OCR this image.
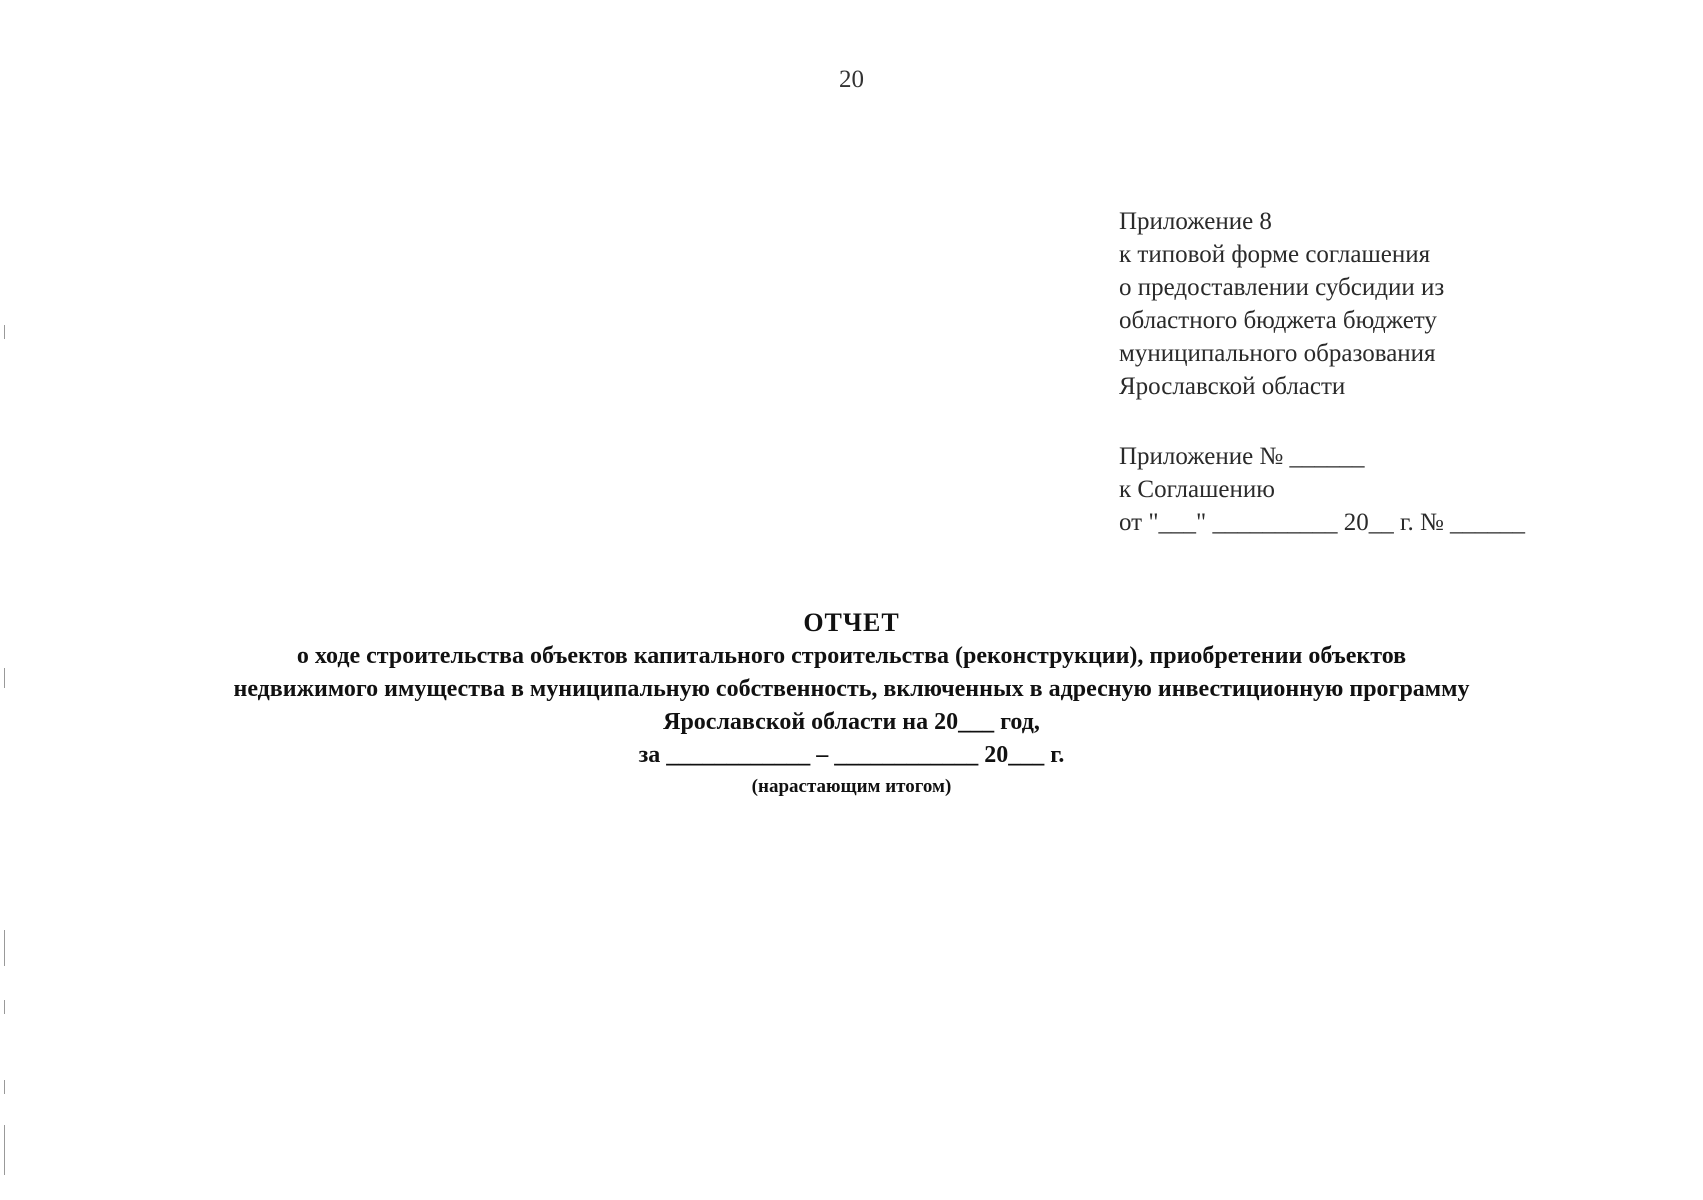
20
Приложение 8
к типовой форме соглашения
о предоставлении субсидии из
областного бюджета бюджету
муниципального образования
Ярославской области
Приложение № ______
к Соглашению
от "___" __________ 20__ г. № ______
ОТЧЕТ
о ходе строительства объектов капитального строительства (реконструкции), приобретении объектов
недвижимого имущества в муниципальную собственность, включенных в адресную инвестиционную программу
Ярославской области на 20___ год,
за ____________ – ____________ 20___ г.
(нарастающим итогом)
